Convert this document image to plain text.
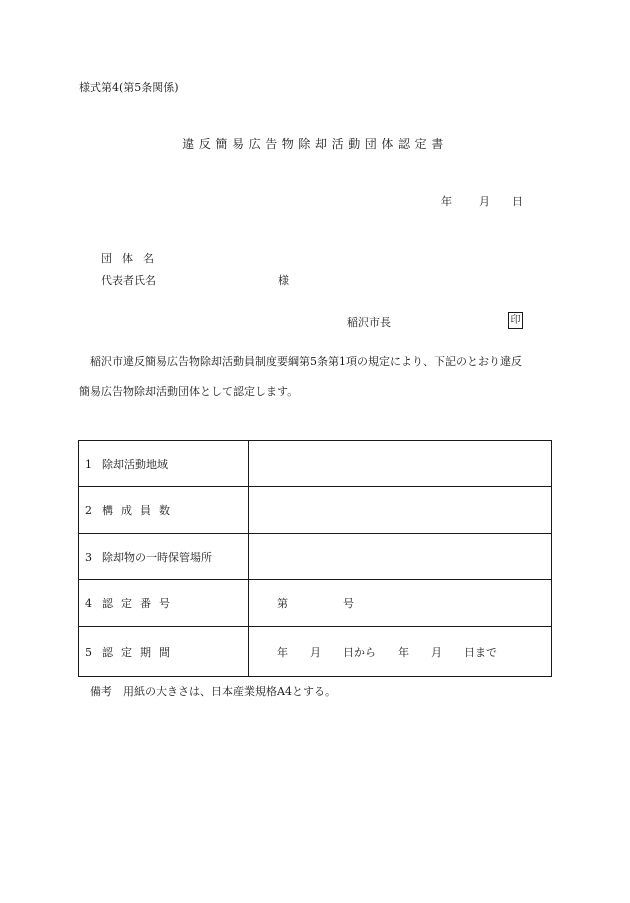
様式第4(第5条関係)
違反簡易広告物除却活動団体認定書
年 月 日
団体名
代表者氏名	様
稲沢市長	印
稲沢市違反簡易広告物除却活動員制度要綱第5条第1項の規定により、下記のとおり違反
簡易広告物除却活動団体として認定します。
1 除却活動地域	
2 構成員数	
3 除却物の一時保管場所	
4 認定番号	第 号
5 認定期間	年 月 日から 年 月 日まで
備考　用紙の大きさは、日本産業規格A4とする。
